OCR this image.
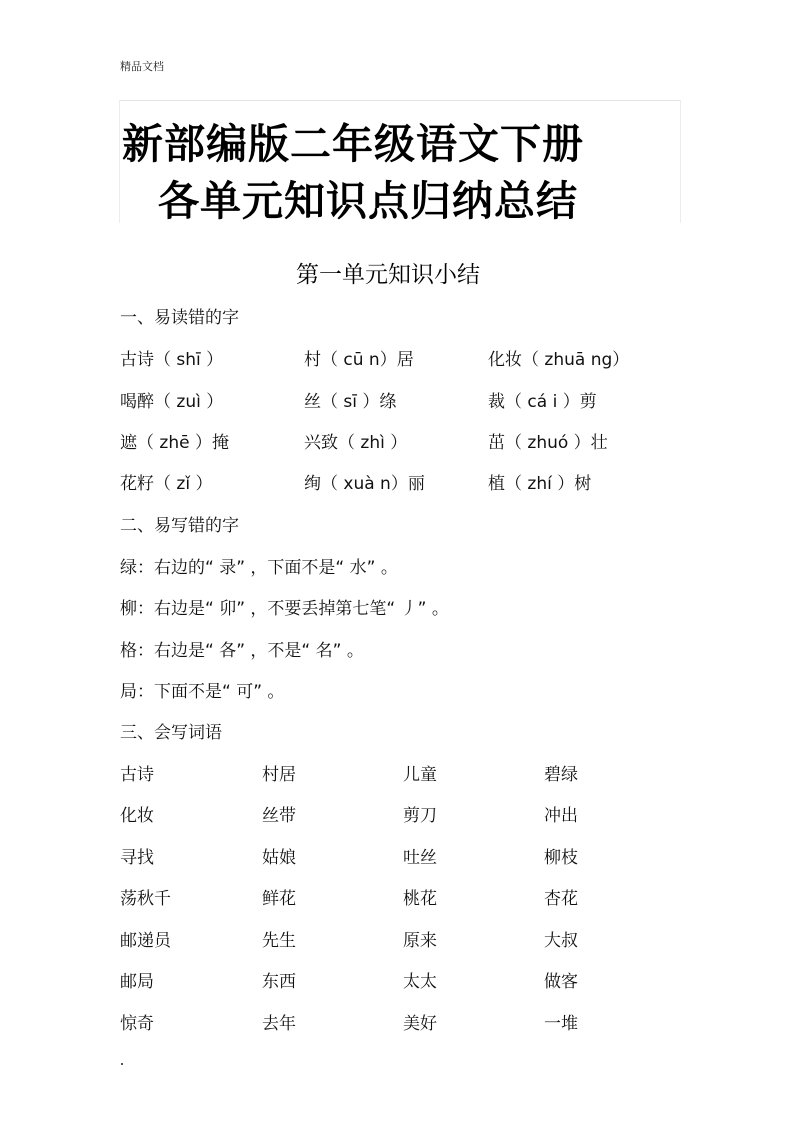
精品文档
新部编版二年级语文下册
各单元知识点归纳总结
第一单元知识小结
一、易读错的字
古诗（ shī ）	村（ cū n）居	化妆（ zhuā ng）
喝醉（ zuì ）	丝（ sī ）绦	裁（ cá i ）剪
遮（ zhē ）掩	兴致（ zhì ）	茁（ zhuó ）壮
花籽（ zǐ ）	绚（ xuà n）丽	植（ zhí ）树
二、易写错的字
绿：右边的“ 录” ，下面不是“ 水” 。
柳：右边是“ 卯” ，不要丢掉第七笔“ 丿” 。
格：右边是“ 各” ，不是“ 名” 。
局：下面不是“ 可” 。
三、会写词语
古诗	村居	儿童	碧绿
化妆	丝带	剪刀	冲出
寻找	姑娘	吐丝	柳枝
荡秋千	鲜花	桃花	杏花
邮递员	先生	原来	大叔
邮局	东西	太太	做客
惊奇	去年	美好	一堆
